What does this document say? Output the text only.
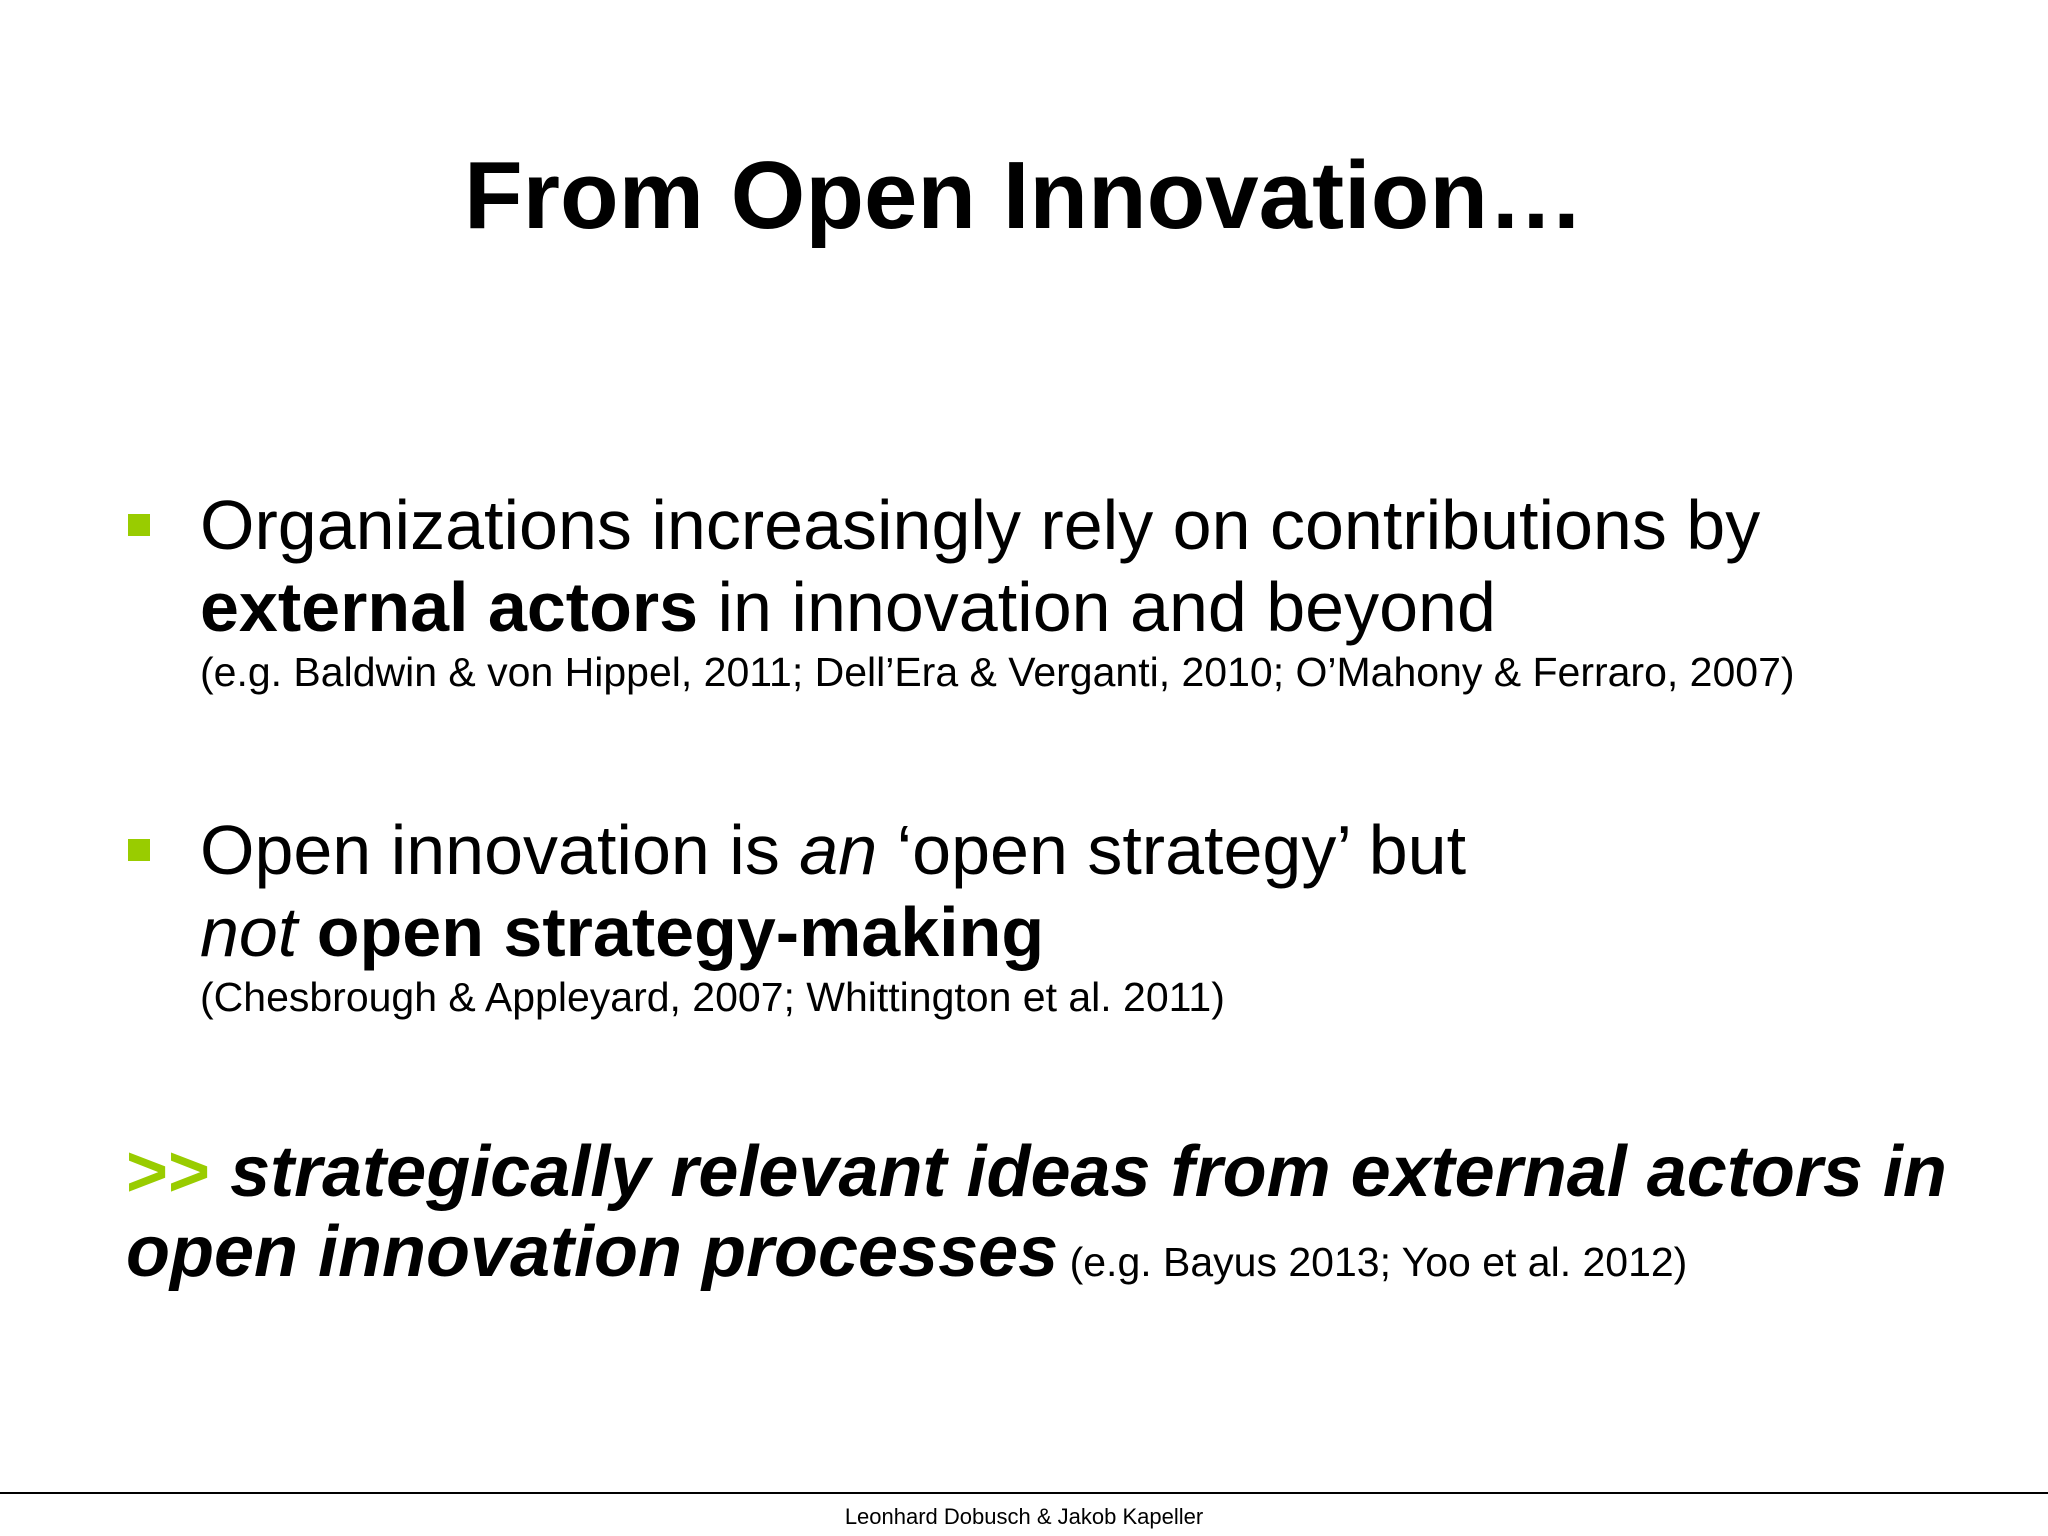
From Open Innovation…
Organizations increasingly rely on contributions by
external actors in innovation and beyond
(e.g. Baldwin & von Hippel, 2011; Dell’Era & Verganti, 2010; O’Mahony & Ferraro, 2007)
Open innovation is an ‘open strategy’ but
not open strategy-making
(Chesbrough & Appleyard, 2007; Whittington et al. 2011)
>> strategically relevant ideas from external actors in
open innovation processes (e.g. Bayus 2013; Yoo et al. 2012)
Leonhard Dobusch & Jakob Kapeller
